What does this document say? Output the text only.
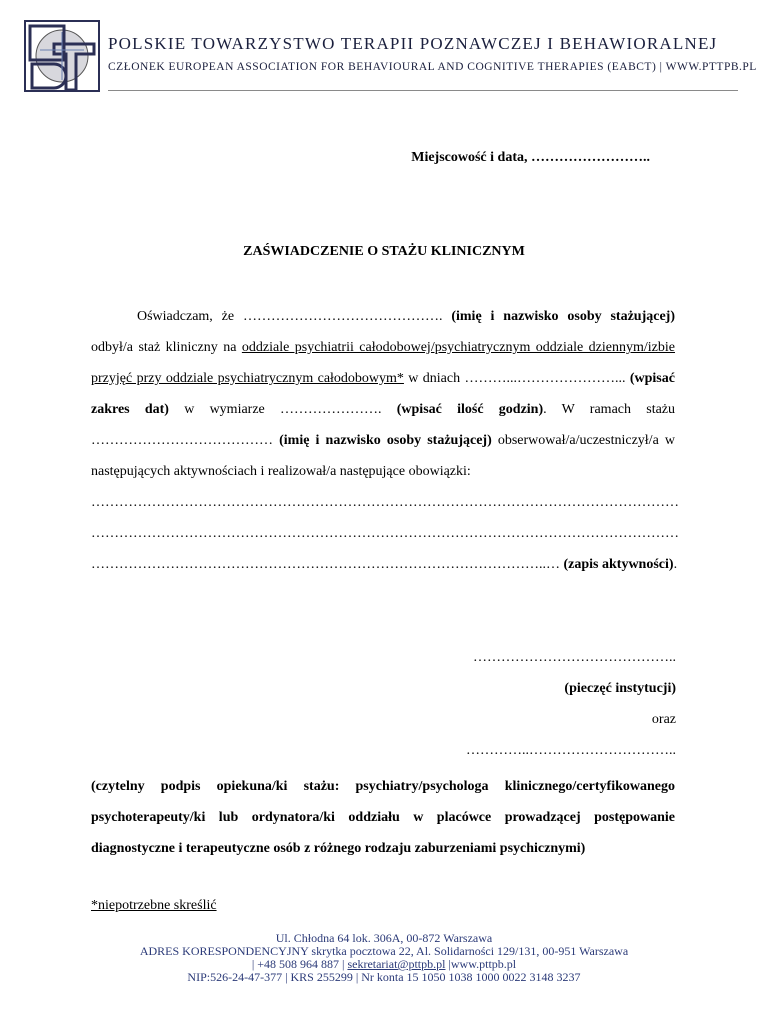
POLSKIE TOWARZYSTWO TERAPII POZNAWCZEJ I BEHAWIORALNEJ
CZŁONEK EUROPEAN ASSOCIATION FOR BEHAVIOURAL AND COGNITIVE THERAPIES (EABCT) | WWW.PTTPB.PL
Miejscowość i data, ……………………..
ZAŚWIADCZENIE O STAŻU KLINICZNYM
Oświadczam, że ……………………………………. (imię i nazwisko osoby stażującej) odbył/a staż kliniczny na oddziale psychiatrii całodobowej/psychiatrycznym oddziale dziennym/izbie przyjęć przy oddziale psychiatrycznym całodobowym* w dniach ………...…………………... (wpisać zakres dat) w wymiarze …………………. (wpisać ilość godzin). W ramach stażu ………………………………… (imię i nazwisko osoby stażującej) obserwował/a/uczestniczył/a w następujących aktywnościach i realizował/a następujące obowiązki:
………………………………………………………………………………………………………………
………………………………………………………………………………………………………………
……………………………………………………………………………………..… (zapis aktywności).
……………………………………..
(pieczęć instytucji)
oraz
…………..…………………………..
(czytelny podpis opiekuna/ki stażu: psychiatry/psychologa klinicznego/certyfikowanego psychoterapeuty/ki lub ordynatora/ki oddziału w placówce prowadzącej postępowanie diagnostyczne i terapeutyczne osób z różnego rodzaju zaburzeniami psychicznymi)
*niepotrzebne skreślić
Ul. Chłodna 64 lok. 306A, 00-872 Warszawa
ADRES KORESPONDENCYJNY skrytka pocztowa 22, Al. Solidarności 129/131, 00-951 Warszawa
| +48 508 964 887 | sekretariat@pttpb.pl |www.pttpb.pl
NIP:526-24-47-377 | KRS 255299 | Nr konta 15 1050 1038 1000 0022 3148 3237
